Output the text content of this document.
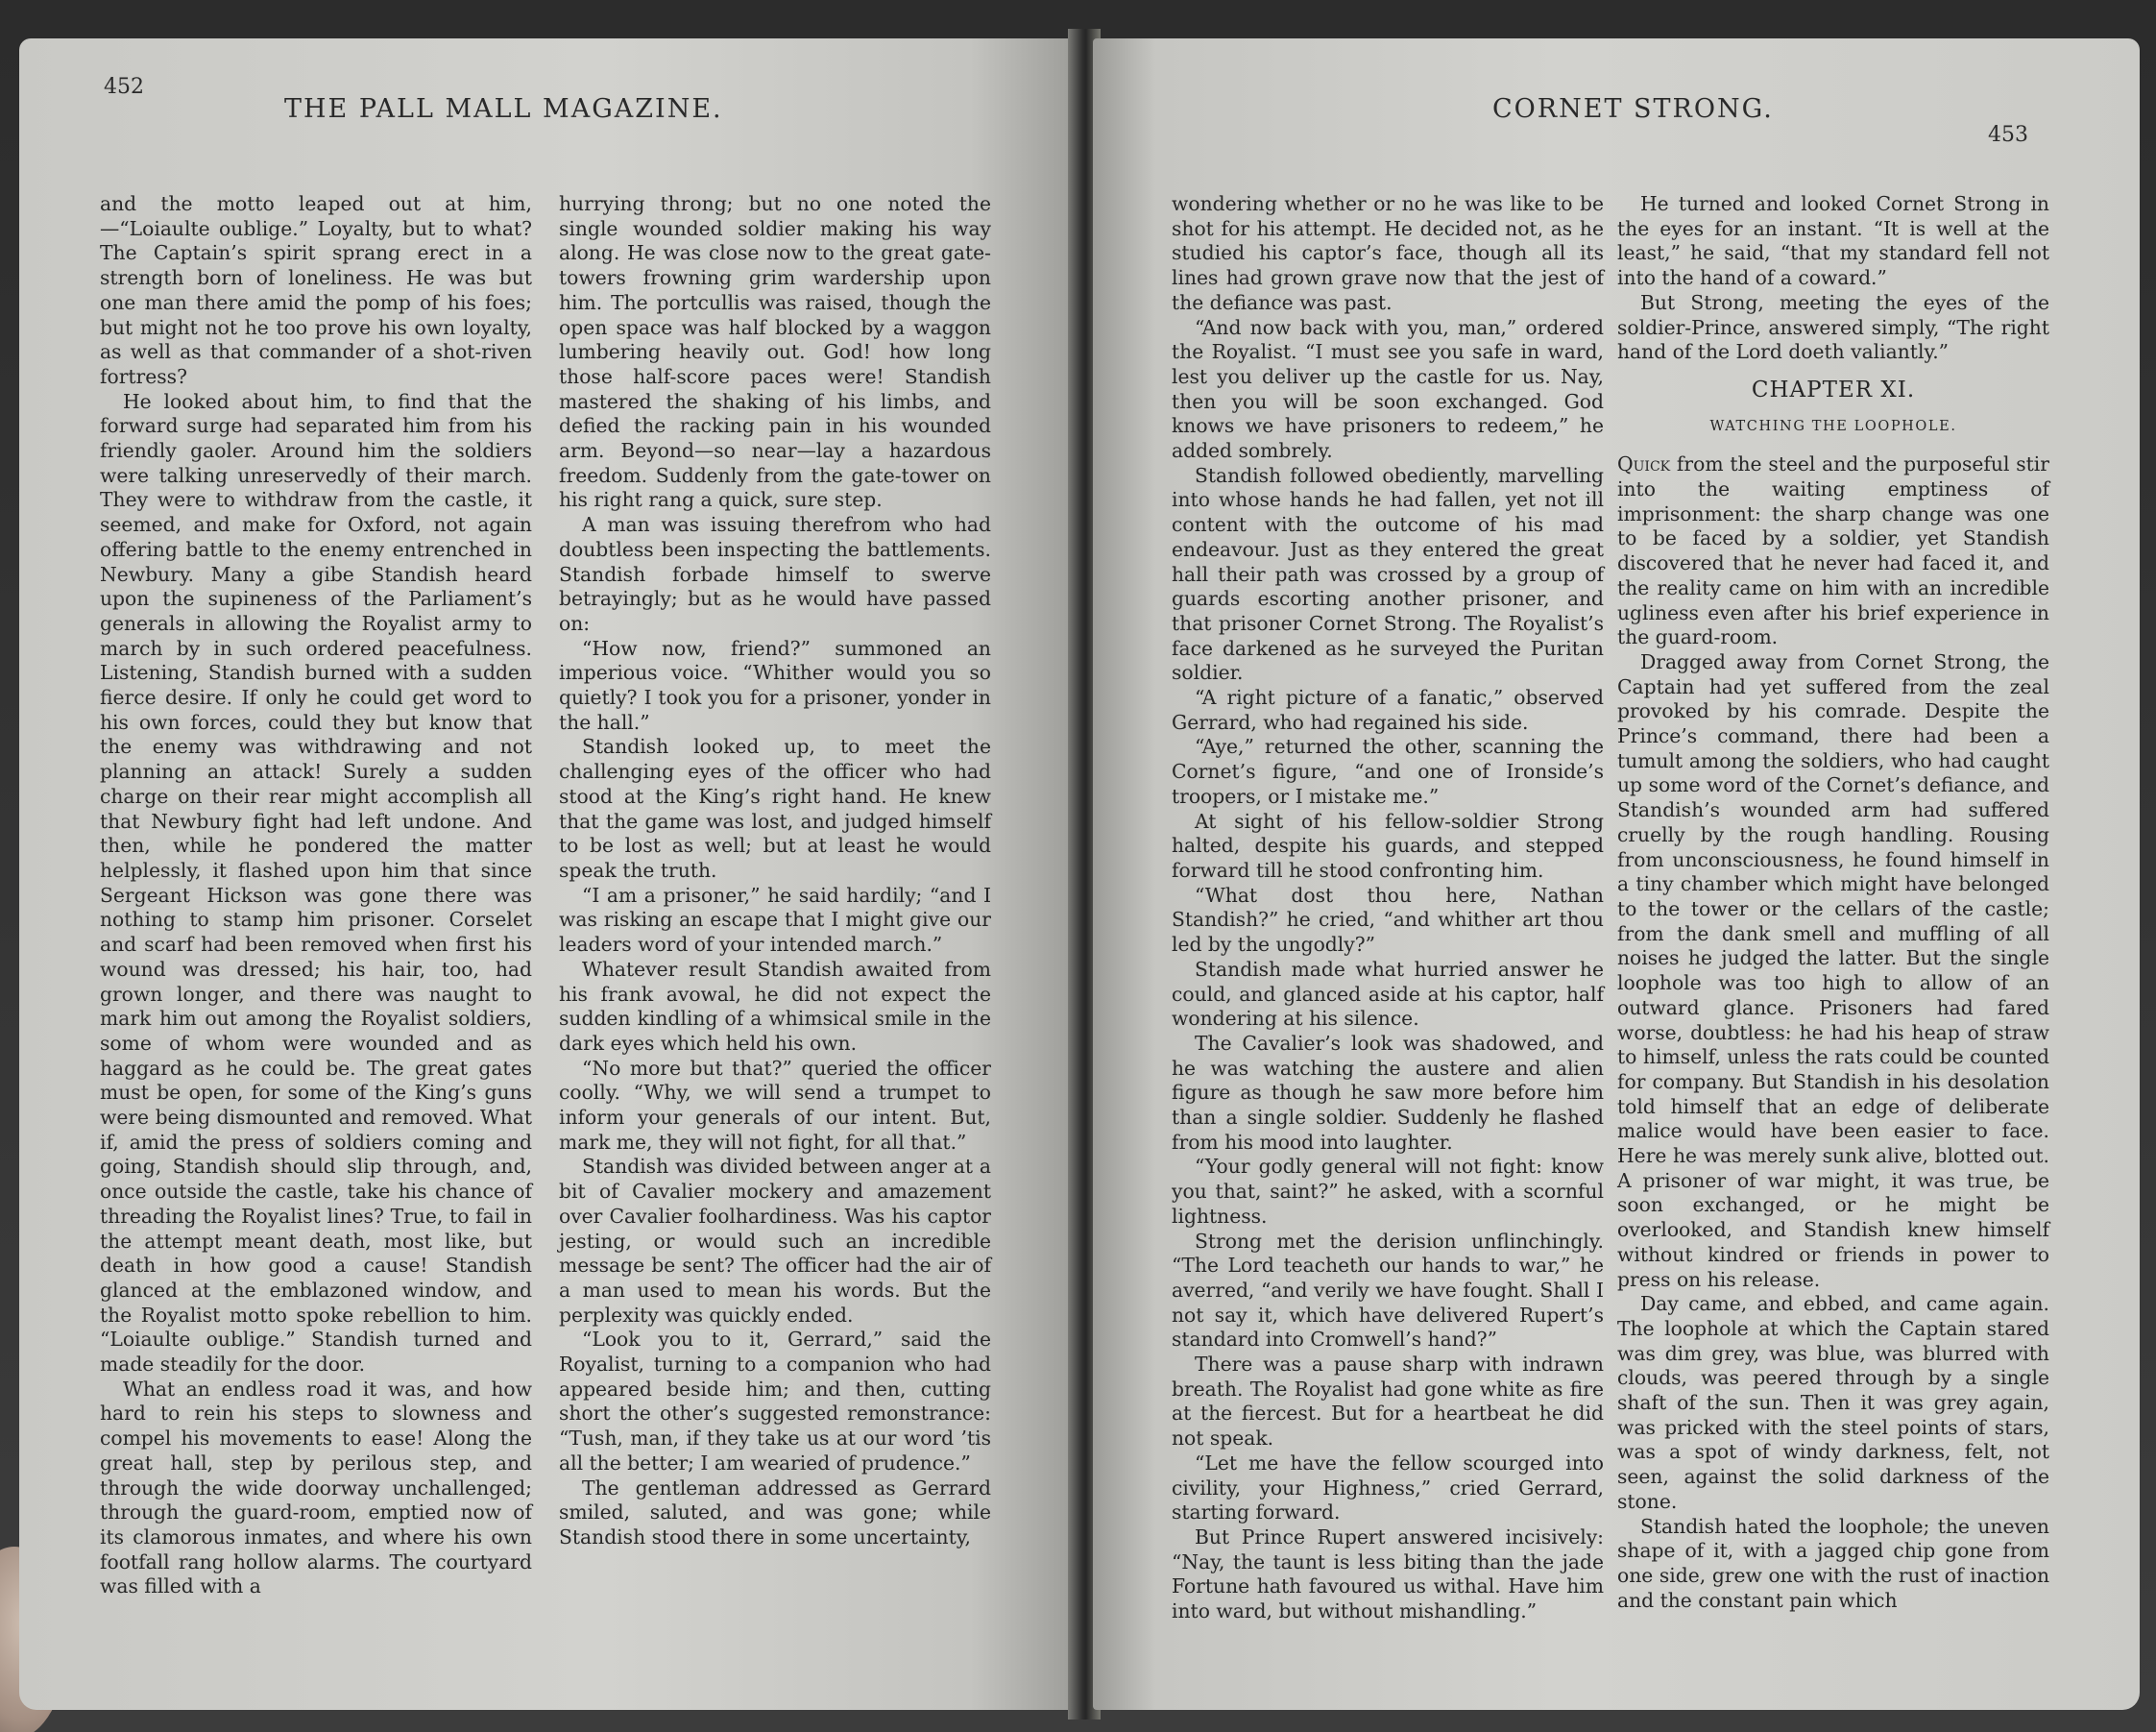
452
THE PALL MALL MAGAZINE.

and the motto leaped out at him,—“Loiaulte oublige.” Loyalty, but to what? The Captain’s spirit sprang erect in a strength born of loneliness. He was but one man there amid the pomp of his foes; but might not he too prove his own loyalty, as well as that commander of a shot-riven fortress?

He looked about him, to find that the forward surge had separated him from his friendly gaoler. Around him the soldiers were talking unreservedly of their march. They were to withdraw from the castle, it seemed, and make for Oxford, not again offering battle to the enemy entrenched in Newbury. Many a gibe Standish heard upon the supineness of the Parliament’s generals in allowing the Royalist army to march by in such ordered peacefulness. Listening, Standish burned with a sudden fierce desire. If only he could get word to his own forces, could they but know that the enemy was withdrawing and not planning an attack! Surely a sudden charge on their rear might accomplish all that Newbury fight had left undone. And then, while he pondered the matter helplessly, it flashed upon him that since Sergeant Hickson was gone there was nothing to stamp him prisoner. Corselet and scarf had been removed when first his wound was dressed; his hair, too, had grown longer, and there was naught to mark him out among the Royalist soldiers, some of whom were wounded and as haggard as he could be. The great gates must be open, for some of the King’s guns were being dismounted and removed. What if, amid the press of soldiers coming and going, Standish should slip through, and, once outside the castle, take his chance of threading the Royalist lines? True, to fail in the attempt meant death, most like, but death in how good a cause! Standish glanced at the emblazoned window, and the Royalist motto spoke rebellion to him. “Loiaulte oublige.” Standish turned and made steadily for the door.

What an endless road it was, and how hard to rein his steps to slowness and compel his movements to ease! Along the great hall, step by perilous step, and through the wide doorway unchallenged; through the guard-room, emptied now of its clamorous inmates, and where his own footfall rang hollow alarms. The courtyard was filled with a

hurrying throng; but no one noted the single wounded soldier making his way along. He was close now to the great gate-towers frowning grim wardership upon him. The portcullis was raised, though the open space was half blocked by a waggon lumbering heavily out. God! how long those half-score paces were! Standish mastered the shaking of his limbs, and defied the racking pain in his wounded arm. Beyond—so near—lay a hazardous freedom. Suddenly from the gate-tower on his right rang a quick, sure step.

A man was issuing therefrom who had doubtless been inspecting the battlements. Standish forbade himself to swerve betrayingly; but as he would have passed on:

“How now, friend?” summoned an imperious voice. “Whither would you so quietly? I took you for a prisoner, yonder in the hall.”

Standish looked up, to meet the challenging eyes of the officer who had stood at the King’s right hand. He knew that the game was lost, and judged himself to be lost as well; but at least he would speak the truth.

“I am a prisoner,” he said hardily; “and I was risking an escape that I might give our leaders word of your intended march.”

Whatever result Standish awaited from his frank avowal, he did not expect the sudden kindling of a whimsical smile in the dark eyes which held his own.

“No more but that?” queried the officer coolly. “Why, we will send a trumpet to inform your generals of our intent. But, mark me, they will not fight, for all that.”

Standish was divided between anger at a bit of Cavalier mockery and amazement over Cavalier foolhardiness. Was his captor jesting, or would such an incredible message be sent? The officer had the air of a man used to mean his words. But the perplexity was quickly ended.

“Look you to it, Gerrard,” said the Royalist, turning to a companion who had appeared beside him; and then, cutting short the other’s suggested remonstrance: “Tush, man, if they take us at our word ’tis all the better; I am wearied of prudence.”

The gentleman addressed as Gerrard smiled, saluted, and was gone; while Standish stood there in some uncertainty,

CORNET STRONG.
453

wondering whether or no he was like to be shot for his attempt. He decided not, as he studied his captor’s face, though all its lines had grown grave now that the jest of the defiance was past.

“And now back with you, man,” ordered the Royalist. “I must see you safe in ward, lest you deliver up the castle for us. Nay, then you will be soon exchanged. God knows we have prisoners to redeem,” he added sombrely.

Standish followed obediently, marvelling into whose hands he had fallen, yet not ill content with the outcome of his mad endeavour. Just as they entered the great hall their path was crossed by a group of guards escorting another prisoner, and that prisoner Cornet Strong. The Royalist’s face darkened as he surveyed the Puritan soldier.

“A right picture of a fanatic,” observed Gerrard, who had regained his side.

“Aye,” returned the other, scanning the Cornet’s figure, “and one of Ironside’s troopers, or I mistake me.”

At sight of his fellow-soldier Strong halted, despite his guards, and stepped forward till he stood confronting him.

“What dost thou here, Nathan Standish?” he cried, “and whither art thou led by the ungodly?”

Standish made what hurried answer he could, and glanced aside at his captor, half wondering at his silence.

The Cavalier’s look was shadowed, and he was watching the austere and alien figure as though he saw more before him than a single soldier. Suddenly he flashed from his mood into laughter.

“Your godly general will not fight: know you that, saint?” he asked, with a scornful lightness.

Strong met the derision unflinchingly. “The Lord teacheth our hands to war,” he averred, “and verily we have fought. Shall I not say it, which have delivered Rupert’s standard into Cromwell’s hand?”

There was a pause sharp with indrawn breath. The Royalist had gone white as fire at the fiercest. But for a heartbeat he did not speak.

“Let me have the fellow scourged into civility, your Highness,” cried Gerrard, starting forward.

But Prince Rupert answered incisively: “Nay, the taunt is less biting than the jade Fortune hath favoured us withal. Have him into ward, but without mishandling.”

He turned and looked Cornet Strong in the eyes for an instant. “It is well at the least,” he said, “that my standard fell not into the hand of a coward.”

But Strong, meeting the eyes of the soldier-Prince, answered simply, “The right hand of the Lord doeth valiantly.”

CHAPTER XI.
WATCHING THE LOOPHOLE.

Quick from the steel and the purposeful stir into the waiting emptiness of imprisonment: the sharp change was one to be faced by a soldier, yet Standish discovered that he never had faced it, and the reality came on him with an incredible ugliness even after his brief experience in the guard-room.

Dragged away from Cornet Strong, the Captain had yet suffered from the zeal provoked by his comrade. Despite the Prince’s command, there had been a tumult among the soldiers, who had caught up some word of the Cornet’s defiance, and Standish’s wounded arm had suffered cruelly by the rough handling. Rousing from unconsciousness, he found himself in a tiny chamber which might have belonged to the tower or the cellars of the castle; from the dank smell and muffling of all noises he judged the latter. But the single loophole was too high to allow of an outward glance. Prisoners had fared worse, doubtless: he had his heap of straw to himself, unless the rats could be counted for company. But Standish in his desolation told himself that an edge of deliberate malice would have been easier to face. Here he was merely sunk alive, blotted out. A prisoner of war might, it was true, be soon exchanged, or he might be overlooked, and Standish knew himself without kindred or friends in power to press on his release.

Day came, and ebbed, and came again. The loophole at which the Captain stared was dim grey, was blue, was blurred with clouds, was peered through by a single shaft of the sun. Then it was grey again, was pricked with the steel points of stars, was a spot of windy darkness, felt, not seen, against the solid darkness of the stone.

Standish hated the loophole; the uneven shape of it, with a jagged chip gone from one side, grew one with the rust of inaction and the constant pain which
